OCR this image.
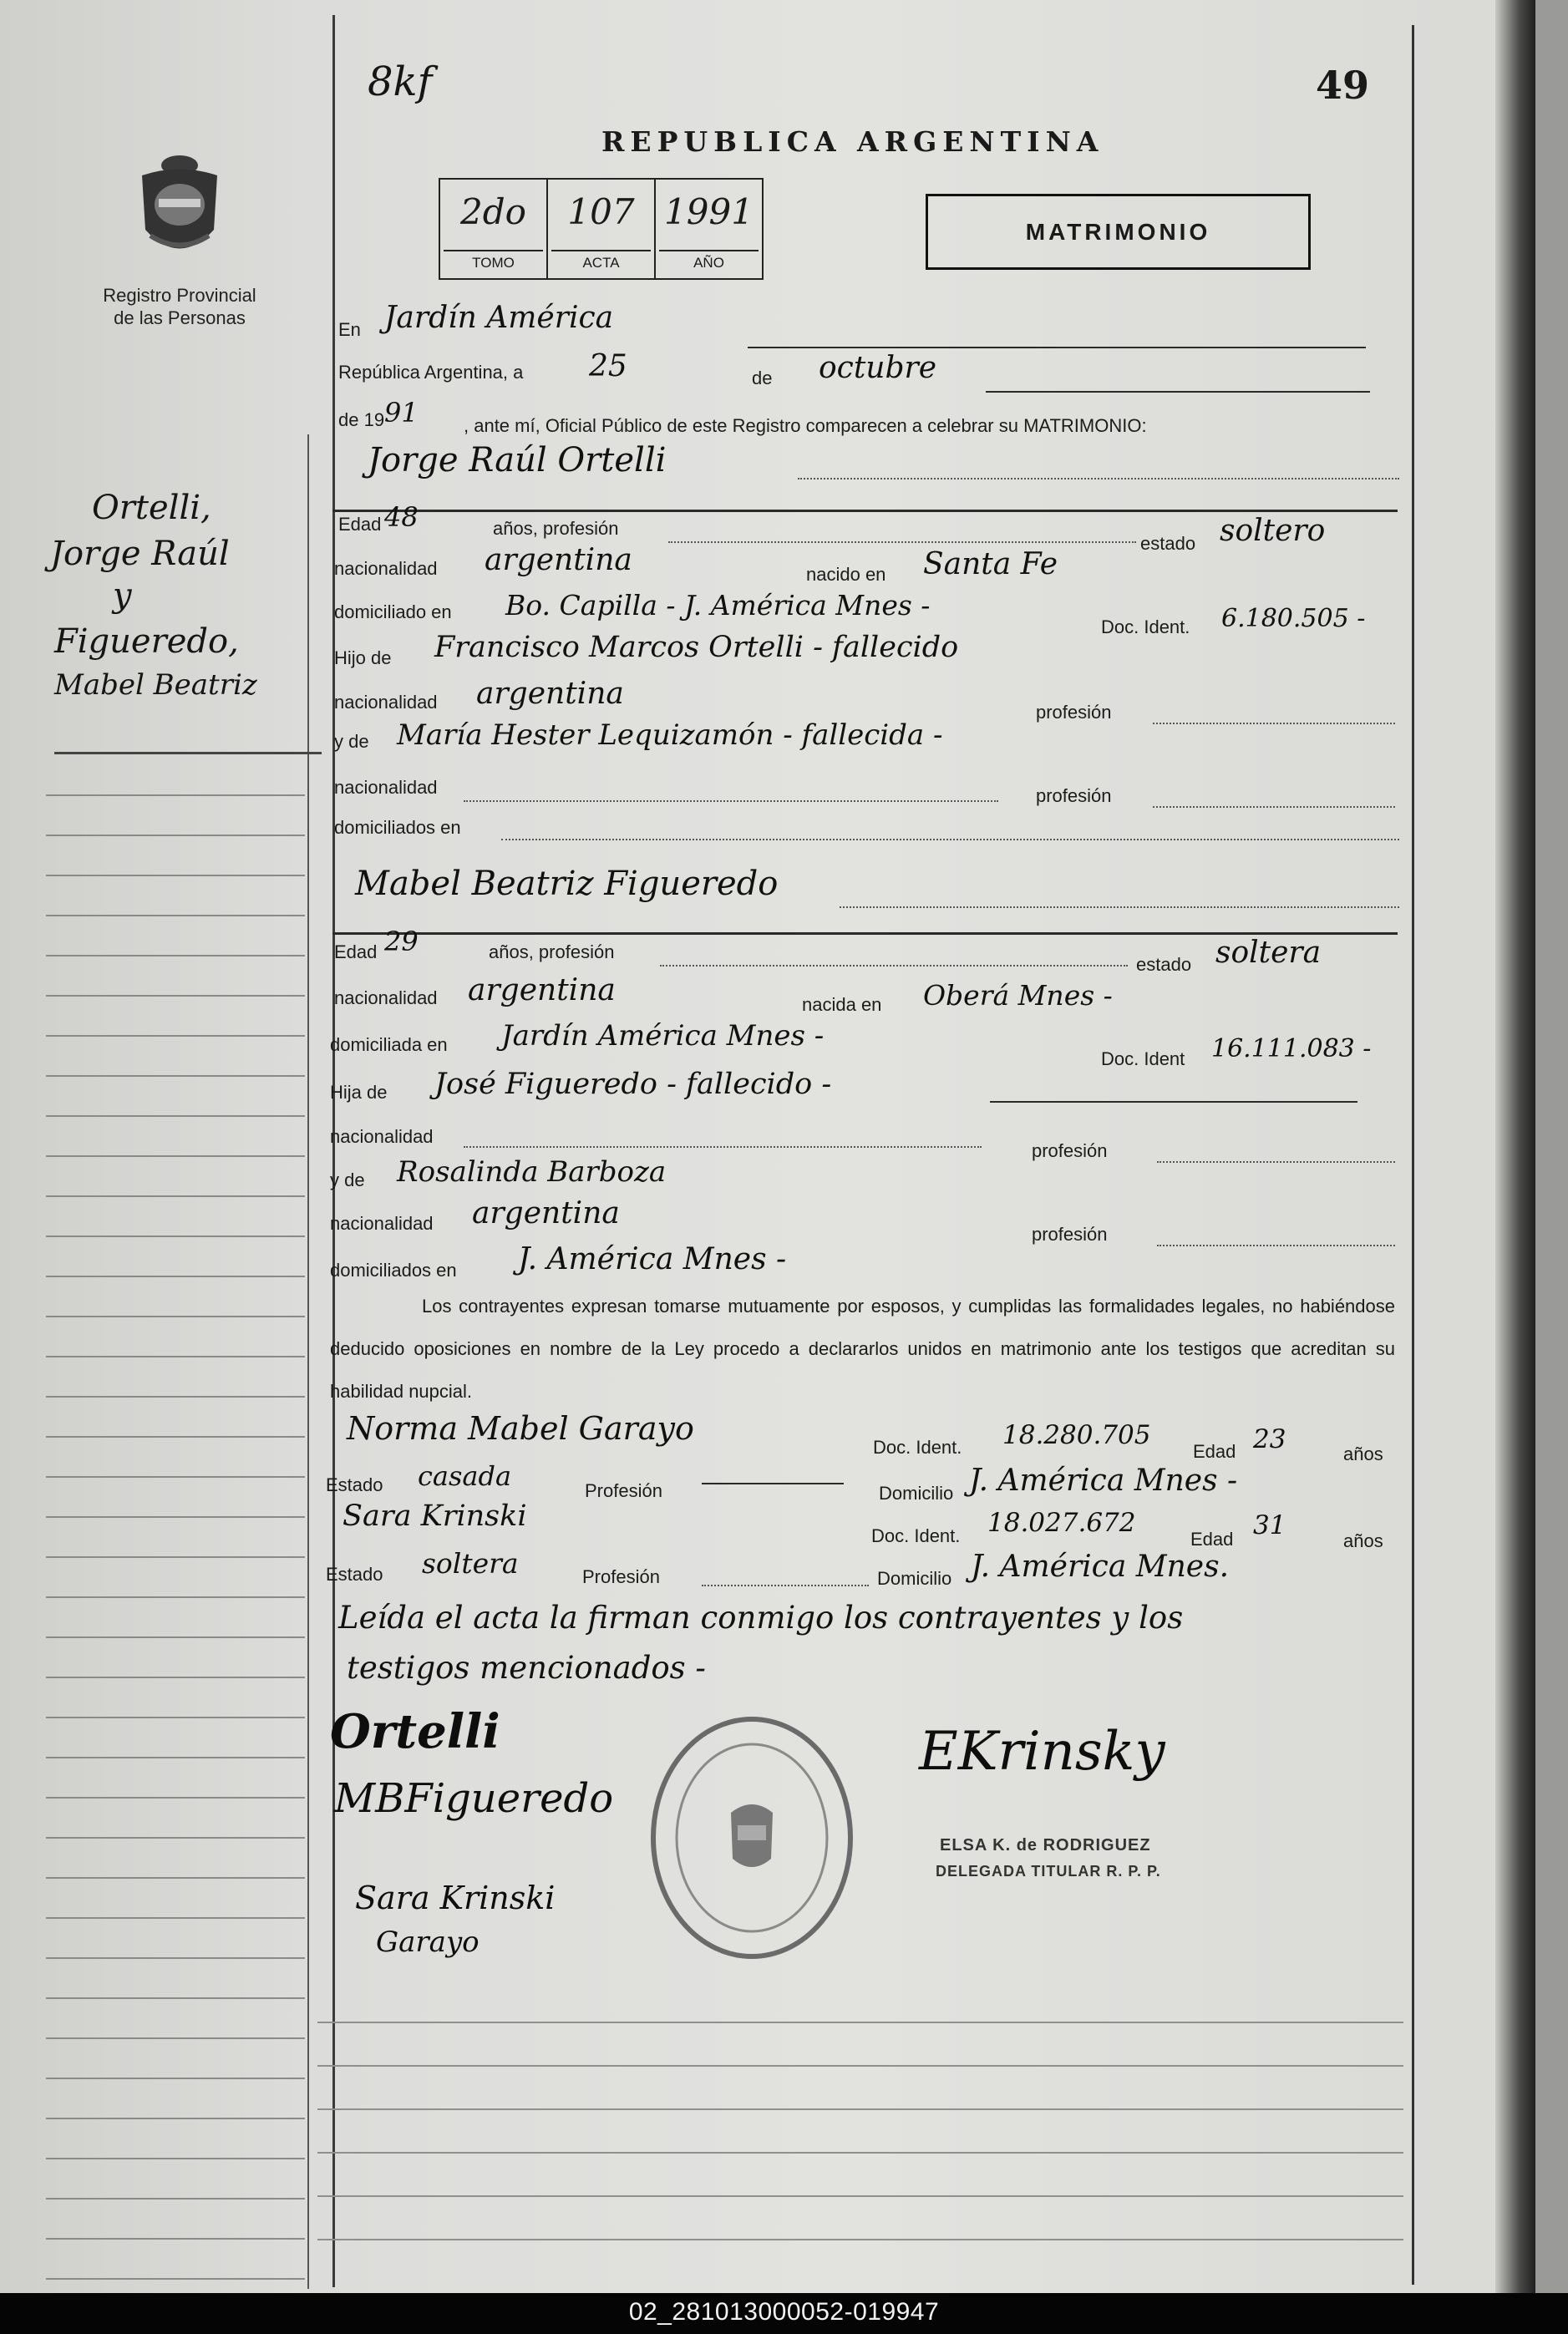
Registro Provincial
de las Personas
Ortelli,
Jorge Raúl
y
Figueredo,
Mabel Beatriz
8kf	49
REPUBLICA ARGENTINA
2do
TOMO
107
ACTA
1991
AÑO
MATRIMONIO
En Jardín América
República Argentina, a 25	de octubre
de 19 91 , ante mí, Oficial Público de este Registro comparecen a celebrar su MATRIMONIO:
Jorge Raúl Ortelli
Edad 48	años, profesión
estado soltero
nacionalidad argentina	nacido en Santa Fe
domiciliado en Bo. Capilla - J. América Mnes -
Doc. Ident. 6.180.505 -
Hijo de Francisco Marcos Ortelli - fallecido
nacionalidad argentina
profesión
y de María Hester Lequizamón - fallecida -
nacionalidad	profesión
domiciliados en
Mabel Beatriz Figueredo
Edad 29	años, profesión
estado soltera
nacionalidad argentina	nacida en Oberá Mnes -
domiciliada en Jardín América Mnes -
Doc. Ident 16.111.083 -
Hija de José Figueredo - fallecido -
nacionalidad
profesión
y de Rosalinda Barboza
nacionalidad argentina
profesión
domiciliados en J. América Mnes -
Los contrayentes expresan tomarse mutuamente por esposos, y cumplidas las formalidades legales, no habiéndose deducido oposiciones en nombre de la Ley procedo a declararlos unidos en matrimonio ante los testigos que acreditan su habilidad nupcial.
Norma Mabel Garayo
Doc. Ident. 18.280.705
Edad 23	años
Estado casada	Profesión	Domicilio J. América Mnes -
Sara Krinski
Doc. Ident. 18.027.672
Edad 31
años
Estado soltera	Profesión	Domicilio J. América Mnes.
Leída el acta la firman conmigo los contrayentes y los
testigos mencionados -
Ortelli
MBFigueredo
Sara Krinski
Garayo
EKrinsky
ELSA K. de RODRIGUEZ
DELEGADA TITULAR R. P. P.
02_281013000052-019947
